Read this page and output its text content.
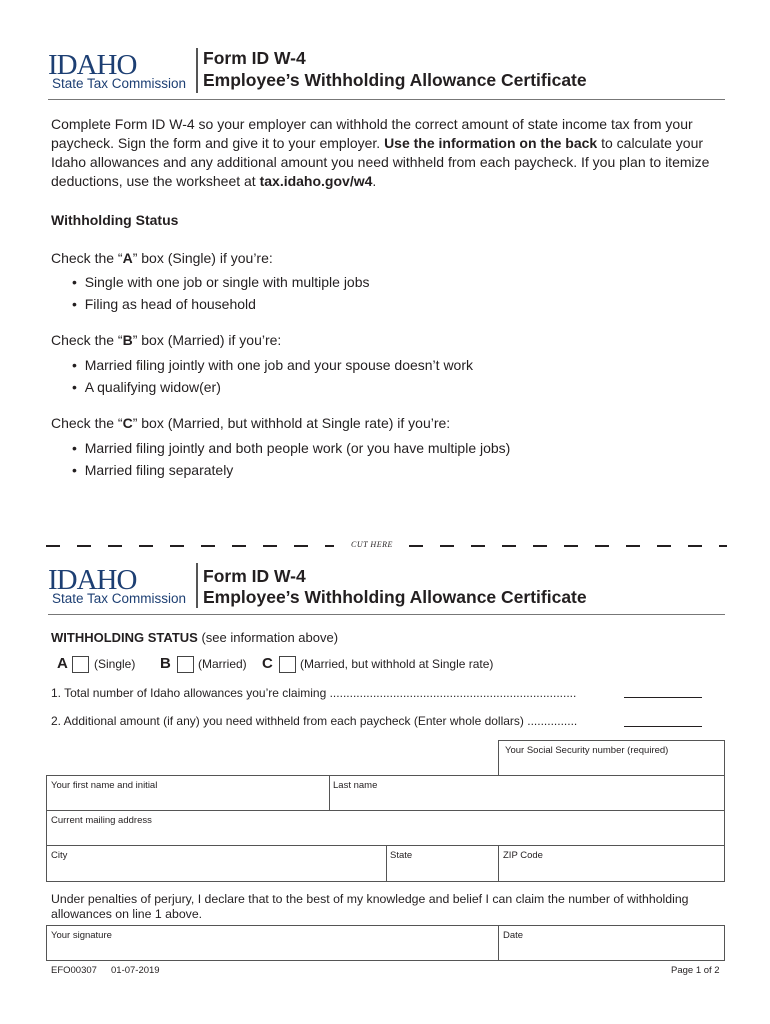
IDAHO
State Tax Commission
Form ID W-4
Employee’s Withholding Allowance Certificate
Complete Form ID W-4 so your employer can withhold the correct amount of state income tax from your paycheck. Sign the form and give it to your employer. Use the information on the back to calculate your Idaho allowances and any additional amount you need withheld from each paycheck. If you plan to itemize deductions, use the worksheet at tax.idaho.gov/w4.
Withholding Status
Check the “A” box (Single) if you’re:
•  Single with one job or single with multiple jobs
•  Filing as head of household
Check the “B” box (Married) if you’re:
•  Married filing jointly with one job and your spouse doesn’t work
•  A qualifying widow(er)
Check the “C” box (Married, but withhold at Single rate) if you’re:
•  Married filing jointly and both people work (or you have multiple jobs)
•  Married filing separately
CUT HERE
IDAHO
State Tax Commission
Form ID W-4
Employee’s Withholding Allowance Certificate
WITHHOLDING STATUS (see information above)
A (Single) B (Married) C (Married, but withhold at Single rate)
1. Total number of Idaho allowances you’re claiming ..........................................................................
2. Additional amount (if any) you need withheld from each paycheck (Enter whole dollars) ...............
Your Social Security number (required)
Your first name and initial	Last name
Current mailing address
City	State	ZIP Code
Under penalties of perjury, I declare that to the best of my knowledge and belief I can claim the number of withholding allowances on line 1 above.
Your signature	Date
EFO00307 01-07-2019	Page 1 of 2
